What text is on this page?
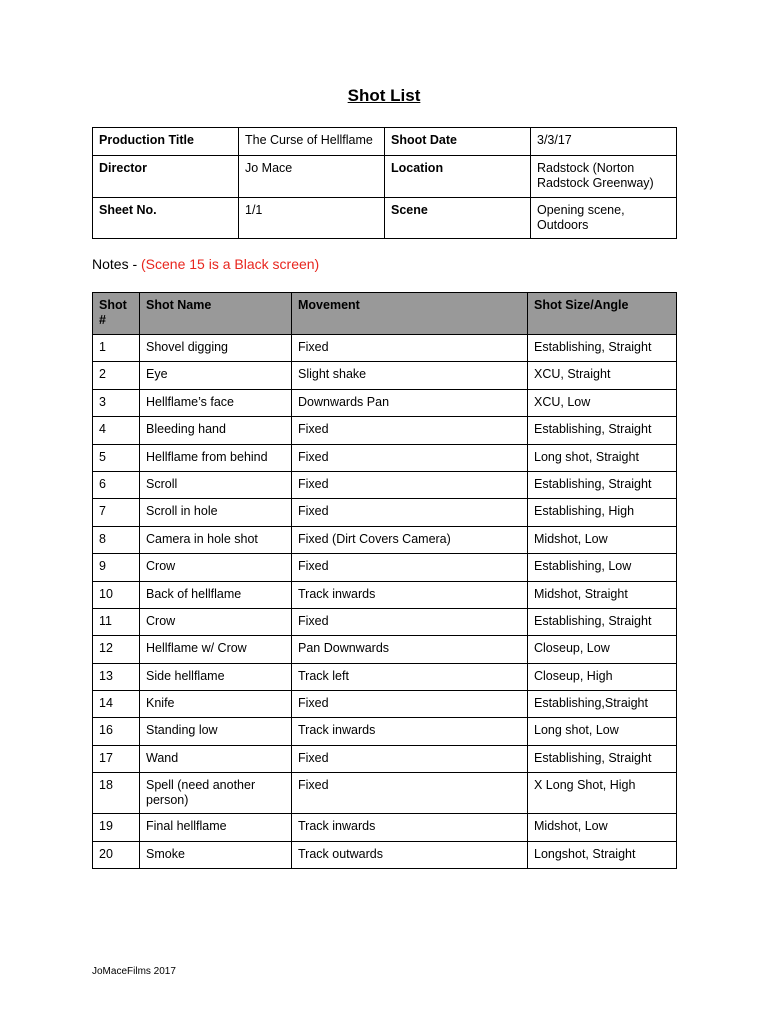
Shot List
Production Title	The Curse of Hellflame	Shoot Date	3/3/17
Director	Jo Mace	Location	Radstock (Norton Radstock Greenway)
Sheet No.	1/1	Scene	Opening scene, Outdoors
Notes - (Scene 15 is a Black screen)
Shot #	Shot Name	Movement	Shot Size/Angle
1	Shovel digging	Fixed	Establishing, Straight
2	Eye	Slight shake	XCU, Straight
3	Hellflame’s face	Downwards Pan	XCU, Low
4	Bleeding hand	Fixed	Establishing, Straight
5	Hellflame from behind	Fixed	Long shot, Straight
6	Scroll	Fixed	Establishing, Straight
7	Scroll in hole	Fixed	Establishing, High
8	Camera in hole shot	Fixed (Dirt Covers Camera)	Midshot, Low
9	Crow	Fixed	Establishing, Low
10	Back of hellflame	Track inwards	Midshot, Straight
11	Crow	Fixed	Establishing, Straight
12	Hellflame w/ Crow	Pan Downwards	Closeup, Low
13	Side hellflame	Track left	Closeup, High
14	Knife	Fixed	Establishing,Straight
16	Standing low	Track inwards	Long shot, Low
17	Wand	Fixed	Establishing, Straight
18	Spell (need another person)	Fixed	X Long Shot, High
19	Final hellflame	Track inwards	Midshot, Low
20	Smoke	Track outwards	Longshot, Straight
JoMaceFilms 2017
